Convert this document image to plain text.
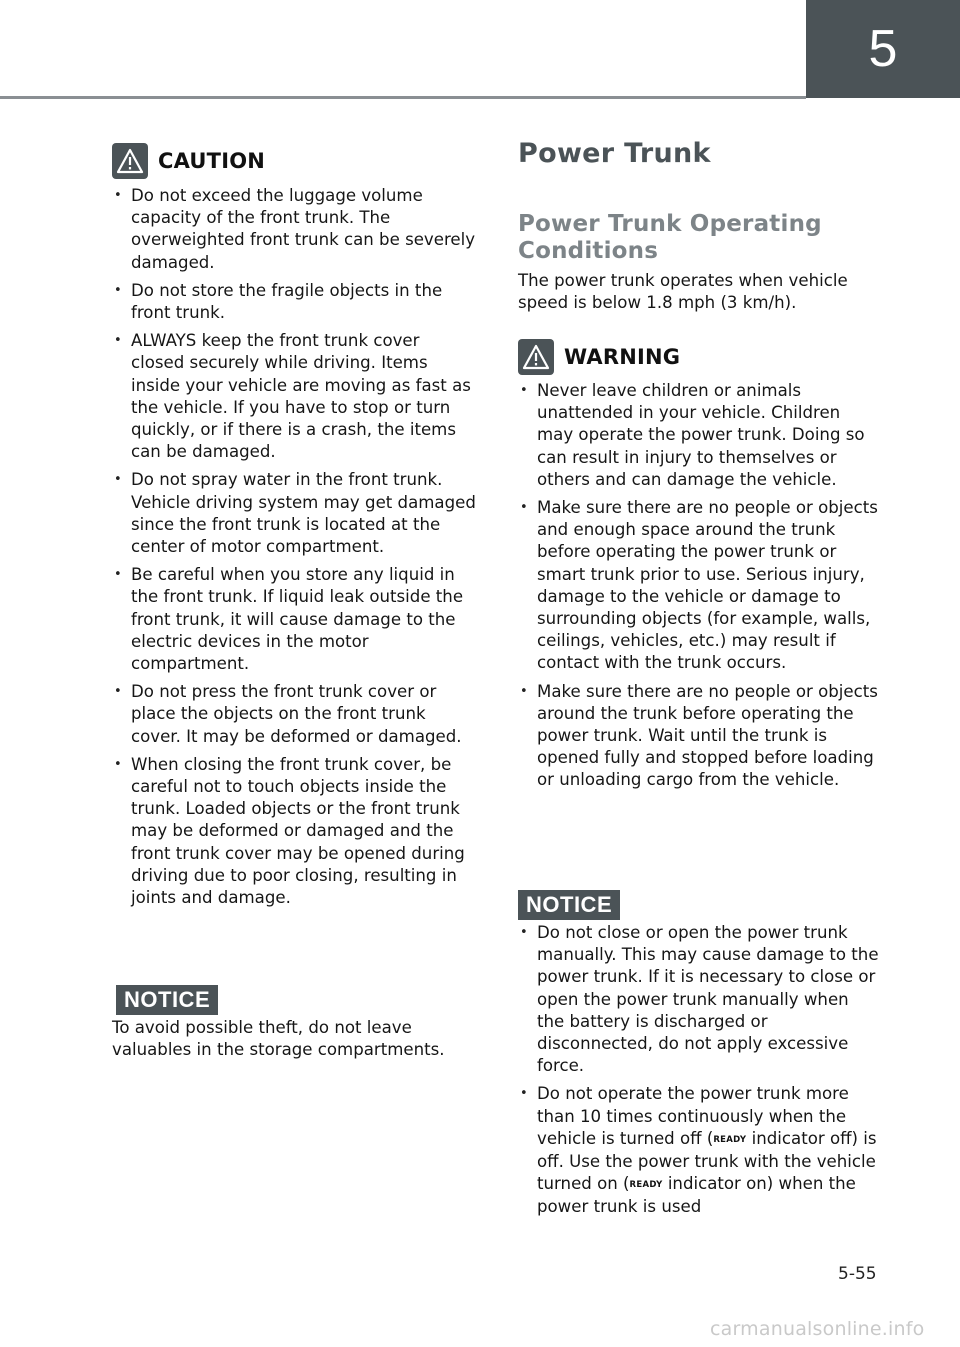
5
CAUTION
• Do not exceed the luggage volume capacity of the front trunk. The overweighted front trunk can be severely damaged.
• Do not store the fragile objects in the front trunk.
• ALWAYS keep the front trunk cover closed securely while driving. Items inside your vehicle are moving as fast as the vehicle. If you have to stop or turn quickly, or if there is a crash, the items can be damaged.
• Do not spray water in the front trunk. Vehicle driving system may get damaged since the front trunk is located at the center of motor compartment.
• Be careful when you store any liquid in the front trunk. If liquid leak outside the front trunk, it will cause damage to the electric devices in the motor compartment.
• Do not press the front trunk cover or place the objects on the front trunk cover. It may be deformed or damaged.
• When closing the front trunk cover, be careful not to touch objects inside the trunk. Loaded objects or the front trunk may be deformed or damaged and the front trunk cover may be opened during driving due to poor closing, resulting in joints and damage.
NOTICE
To avoid possible theft, do not leave valuables in the storage compartments.
Power Trunk
Power Trunk Operating Conditions
The power trunk operates when vehicle speed is below 1.8 mph (3 km/h).
WARNING
• Never leave children or animals unattended in your vehicle. Children may operate the power trunk. Doing so can result in injury to themselves or others and can damage the vehicle.
• Make sure there are no people or objects and enough space around the trunk before operating the power trunk or smart trunk prior to use. Serious injury, damage to the vehicle or damage to surrounding objects (for example, walls, ceilings, vehicles, etc.) may result if contact with the trunk occurs.
• Make sure there are no people or objects around the trunk before operating the power trunk. Wait until the trunk is opened fully and stopped before loading or unloading cargo from the vehicle.
NOTICE
• Do not close or open the power trunk manually. This may cause damage to the power trunk. If it is necessary to close or open the power trunk manually when the battery is discharged or disconnected, do not apply excessive force.
• Do not operate the power trunk more than 10 times continuously when the vehicle is turned off (READY indicator off) is off. Use the power trunk with the vehicle turned on (READY indicator on) when the power trunk is used
5-55
carmanualsonline.info
